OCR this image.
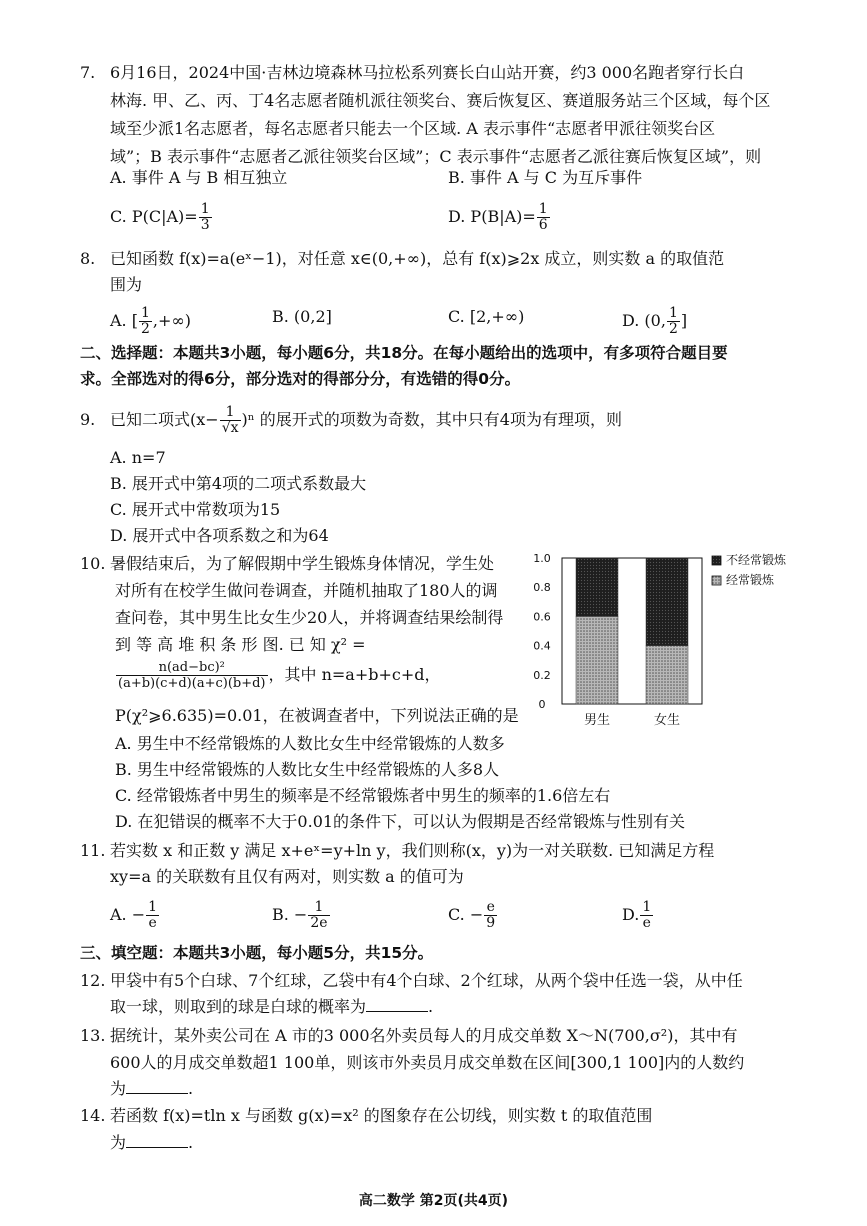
7. 6月16日，2024中国·吉林边境森林马拉松系列赛长白山站开赛，约3 000名跑者穿行长白
林海. 甲、乙、丙、丁4名志愿者随机派往领奖台、赛后恢复区、赛道服务站三个区域，每个区
域至少派1名志愿者，每名志愿者只能去一个区域. A 表示事件“志愿者甲派往领奖台区
域”；B 表示事件“志愿者乙派往领奖台区域”；C 表示事件“志愿者乙派往赛后恢复区域”，则
A. 事件 A 与 B 相互独立	B. 事件 A 与 C 为互斥事件
C. $P(C|A)= \frac{1}{3}$	D. $P(B|A)= \frac{1}{6}$
8. 已知函数 f(x)=a(eˣ−1)，对任意 x∈(0,+∞)，总有 f(x)⩾2x 成立，则实数 a 的取值范
围为
A. [ $\frac{1}{2}$ ,+∞)	B. (0,2]	C. [2,+∞)	D. (0, $\frac{1}{2}$ ]
二、选择题：本题共3小题，每小题6分，共18分。在每小题给出的选项中，有多项符合题目要
求。全部选对的得6分，部分选对的得部分分，有选错的得0分。
9. 已知二项式$(x- \frac{1}{√x} )^n$ 的展开式的项数为奇数，其中只有4项为有理项，则
A. n=7
B. 展开式中第4项的二项式系数最大
C. 展开式中常数项为15
D. 展开式中各项系数之和为64
10. 暑假结束后，为了解假期中学生锻炼身体情况，学生处
对所有在校学生做问卷调查，并随机抽取了180人的调
查问卷，其中男生比女生少20人，并将调查结果绘制得
到 等 高 堆 积 条 形 图. 已 知 χ² =
$\frac{\text{n(ad−bc)²}}{(a+b)(c+d)(a+c)(b+d)}$ ，其中 n=a+b+c+d，
P(χ²⩾6.635)=0.01，在被调查者中，下列说法正确的是
A. 男生中不经常锻炼的人数比女生中经常锻炼的人数多
B. 男生中经常锻炼的人数比女生中经常锻炼的人多8人
C. 经常锻炼者中男生的频率是不经常锻炼者中男生的频率的1.6倍左右
D. 在犯错误的概率不大于0.01的条件下，可以认为假期是否经常锻炼与性别有关
0
0.2
0.4
0.6
0.8
1.0
男生	女生
不经常锻炼
经常锻炼
11. 若实数 x 和正数 y 满足 x+eˣ=y+ln y，我们则称(x，y)为一对关联数. 已知满足方程
xy=a 的关联数有且仅有两对，则实数 a 的值可为
A. − $\frac{1}{e}$	B. − $\frac{1}{2e}$	C. − $\frac{e}{9}$	D. $\frac{1}{e}$
三、填空题：本题共3小题，每小题5分，共15分。
12. 甲袋中有5个白球、7个红球，乙袋中有4个白球、2个红球，从两个袋中任选一袋，从中任
取一球，则取到的球是白球的概率为	.
13. 据统计，某外卖公司在 A 市的3 000名外卖员每人的月成交单数 X～N(700,σ²)，其中有
600人的月成交单数超1 100单，则该市外卖员月成交单数在区间[300,1 100]内的人数约
为	.
14. 若函数 f(x)=tln x 与函数 g(x)=x² 的图象存在公切线，则实数 t 的取值范围
为	.
高二数学 第2页(共4页)
